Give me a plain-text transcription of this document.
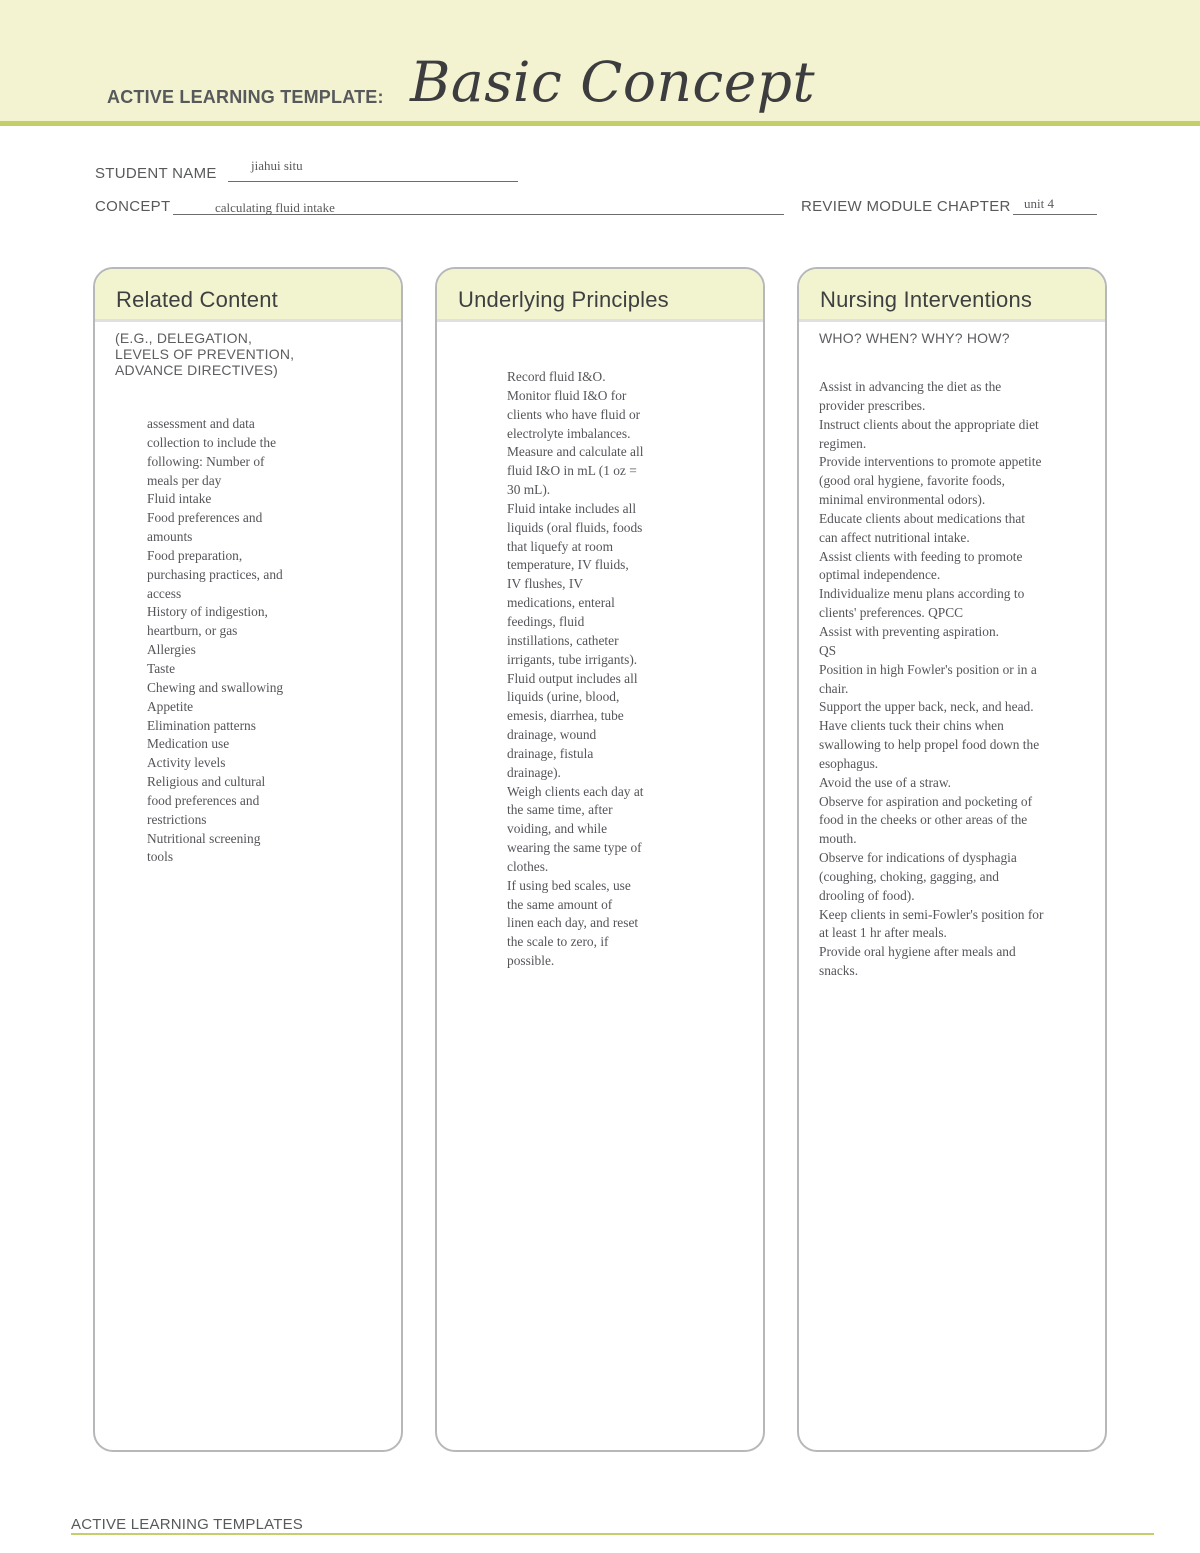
ACTIVE LEARNING TEMPLATE: Basic Concept
STUDENT NAME	jiahui situ
CONCEPT	calculating fluid intake	REVIEW MODULE CHAPTER unit 4
Related Content
(E.G., DELEGATION,
LEVELS OF PREVENTION,
ADVANCE DIRECTIVES)
assessment and data
collection to include the
following: Number of
meals per day
Fluid intake
Food preferences and
amounts
Food preparation,
purchasing practices, and
access
History of indigestion,
heartburn, or gas
Allergies
Taste
Chewing and swallowing
Appetite
Elimination patterns
Medication use
Activity levels
Religious and cultural
food preferences and
restrictions
Nutritional screening
tools
Underlying Principles
Record fluid I&O.
Monitor fluid I&O for
clients who have fluid or
electrolyte imbalances.
Measure and calculate all
fluid I&O in mL (1 oz =
30 mL).
Fluid intake includes all
liquids (oral fluids, foods
that liquefy at room
temperature, IV fluids,
IV flushes, IV
medications, enteral
feedings, fluid
instillations, catheter
irrigants, tube irrigants).
Fluid output includes all
liquids (urine, blood,
emesis, diarrhea, tube
drainage, wound
drainage, fistula
drainage).
Weigh clients each day at
the same time, after
voiding, and while
wearing the same type of
clothes.
If using bed scales, use
the same amount of
linen each day, and reset
the scale to zero, if
possible.
Nursing Interventions
WHO? WHEN? WHY? HOW?
Assist in advancing the diet as the
provider prescribes.
Instruct clients about the appropriate diet
regimen.
Provide interventions to promote appetite
(good oral hygiene, favorite foods,
minimal environmental odors).
Educate clients about medications that
can affect nutritional intake.
Assist clients with feeding to promote
optimal independence.
Individualize menu plans according to
clients' preferences. QPCC
Assist with preventing aspiration.
QS
Position in high Fowler's position or in a
chair.
Support the upper back, neck, and head.
Have clients tuck their chins when
swallowing to help propel food down the
esophagus.
Avoid the use of a straw.
Observe for aspiration and pocketing of
food in the cheeks or other areas of the
mouth.
Observe for indications of dysphagia
(coughing, choking, gagging, and
drooling of food).
Keep clients in semi-Fowler's position for
at least 1 hr after meals.
Provide oral hygiene after meals and
snacks.
ACTIVE LEARNING TEMPLATES
